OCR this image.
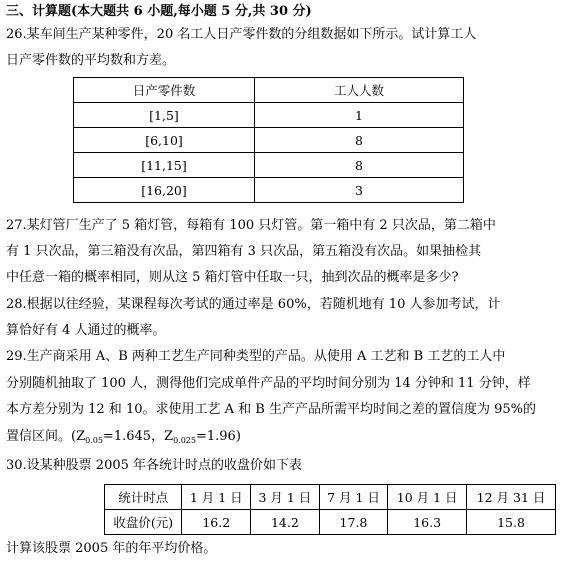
三、计算题(本大题共 6 小题,每小题 5 分,共 30 分)
26.某车间生产某种零件，20 名工人日产零件数的分组数据如下所示。试计算工人
日产零件数的平均数和方差。
日产零件数	工人人数
[1,5]	1
[6,10]	8
[11,15]	8
[16,20]	3
27.某灯管厂生产了 5 箱灯管，每箱有 100 只灯管。第一箱中有 2 只次品，第二箱中
有 1 只次品，第三箱没有次品，第四箱有 3 只次品，第五箱没有次品。如果抽检其
中任意一箱的概率相同，则从这 5 箱灯管中任取一只，抽到次品的概率是多少?
28.根据以往经验，某课程每次考试的通过率是 60%，若随机地有 10 人参加考试，计
算恰好有 4 人通过的概率。
29.生产商采用 A、B 两种工艺生产同种类型的产品。从使用 A 工艺和 B 工艺的工人中
分别随机抽取了 100 人，测得他们完成单件产品的平均时间分别为 14 分钟和 11 分钟，样
本方差分别为 12 和 10。求使用工艺 A 和 B 生产产品所需平均时间之差的置信度为 95%的
置信区间。($Z_{0.05}=1.645$，$Z_{0.025}=1.96$)
30.设某种股票 2005 年各统计时点的收盘价如下表
统计时点	1 月 1 日	3 月 1 日	7 月 1 日	10 月 1 日	12 月 31 日
收盘价(元)	16.2	14.2	17.8	16.3	15.8
计算该股票 2005 年的年平均价格。
